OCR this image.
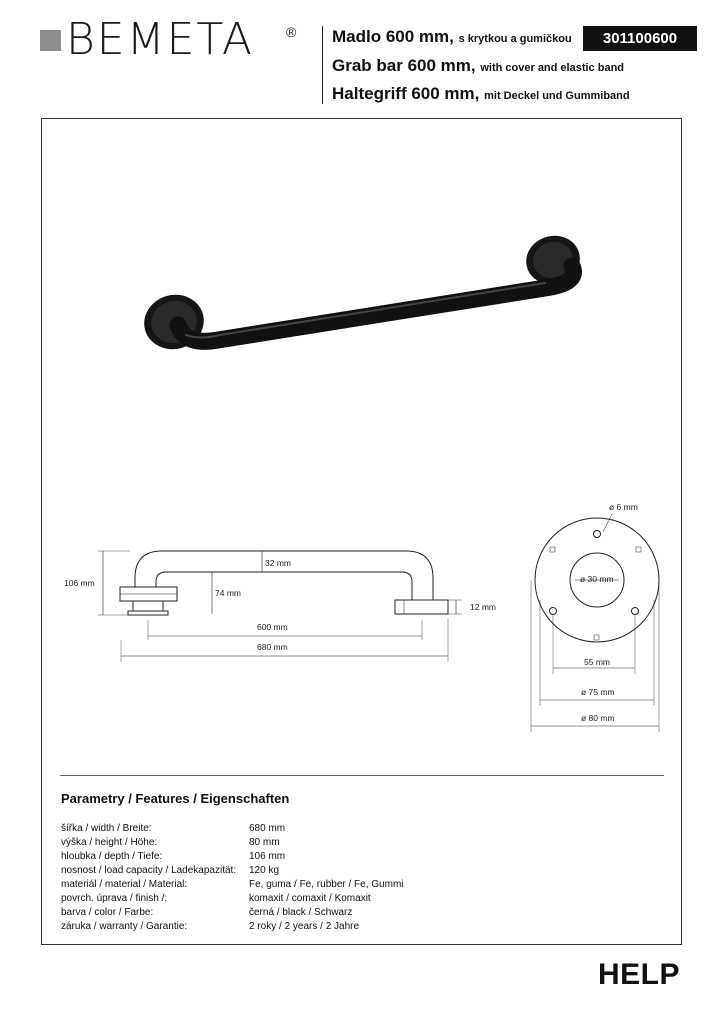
BEMETA ® Madlo 600 mm, s krytkou a gumičkou
Grab bar 600 mm, with cover and elastic band
Haltegriff 600 mm, mit Deckel und Gummiband
301100600
106 mm
32 mm
74 mm
12 mm
600 mm
680 mm
ø 6 mm
ø 30 mm
55 mm
ø 75 mm
ø 80 mm
Parametry / Features / Eigenschaften
šířka / width / Breite:	680 mm
výška / height / Höhe:	80 mm
hloubka / depth / Tiefe:	106 mm
nosnost / load capacity / Ladekapazität:	120 kg
materiál / material / Material:	Fe, guma / Fe, rubber / Fe, Gummi
povrch. úprava / finish /:	komaxit / comaxit / Komaxit
barva / color / Farbe:	černá / black / Schwarz
záruka / warranty / Garantie:	2 roky / 2 years / 2 Jahre
HELP
